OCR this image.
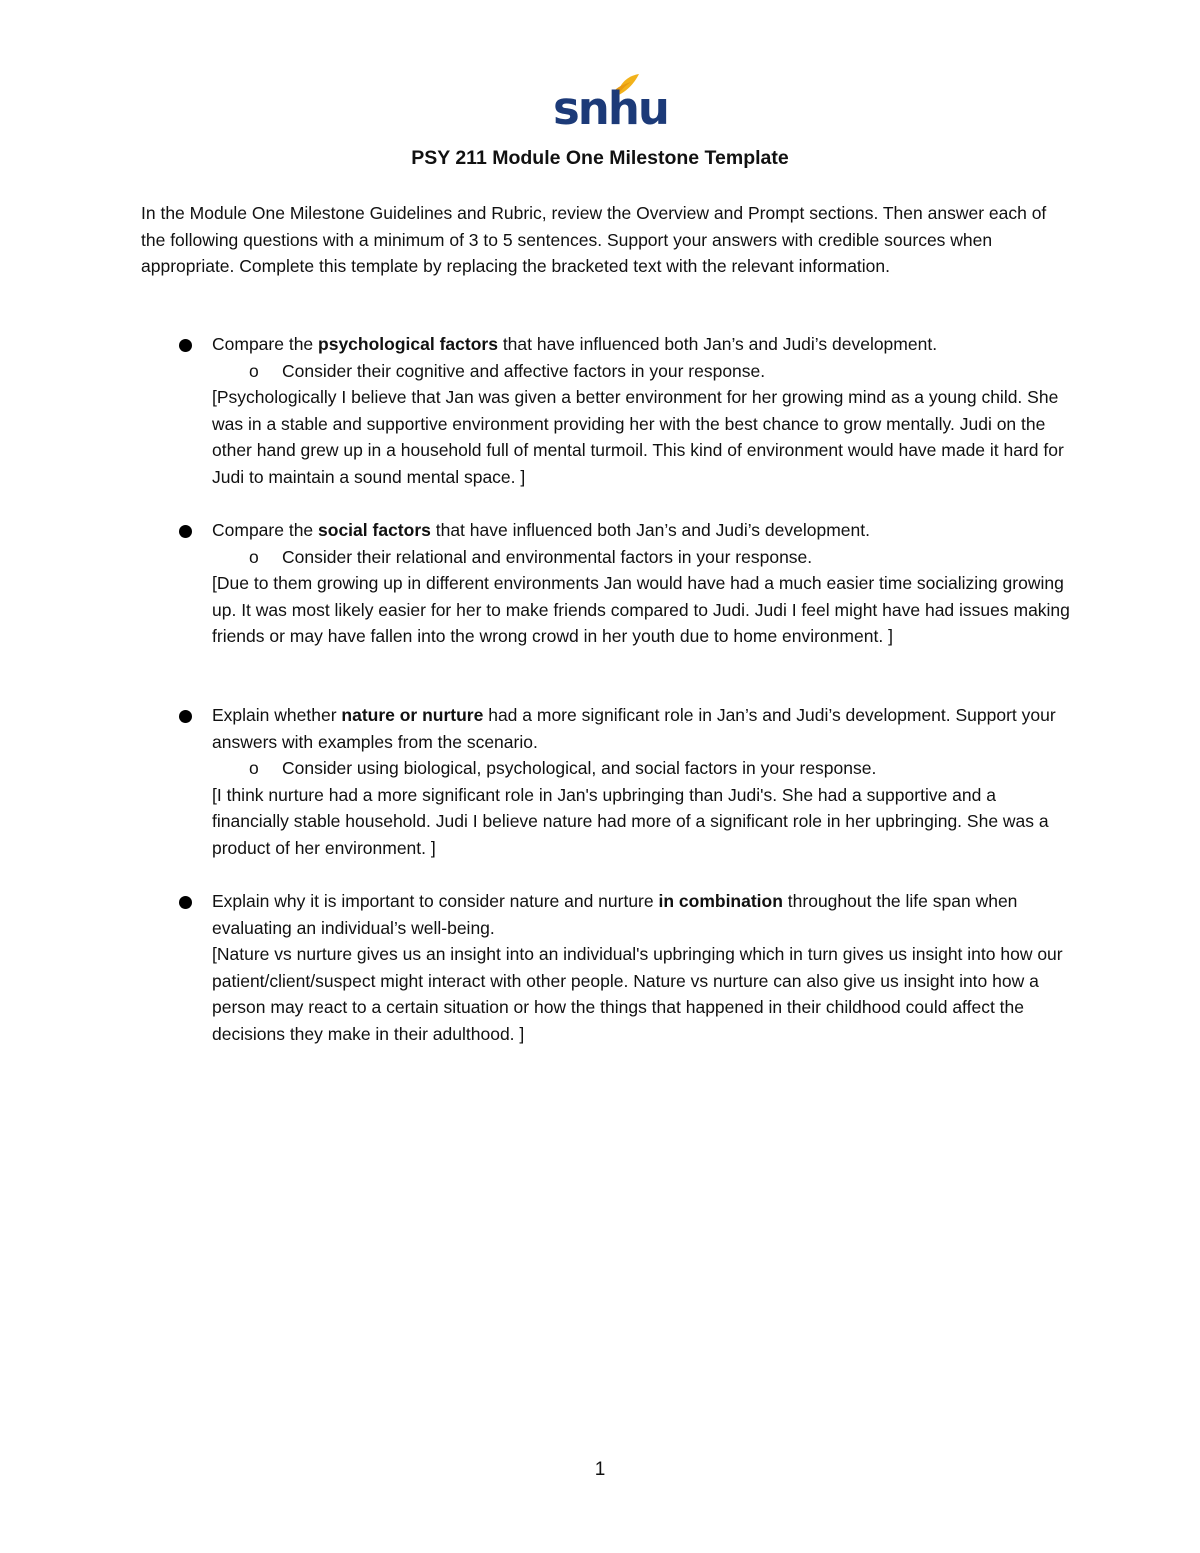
snhu
PSY 211 Module One Milestone Template

In the Module One Milestone Guidelines and Rubric, review the Overview and Prompt sections. Then answer each of the following questions with a minimum of 3 to 5 sentences. Support your answers with credible sources when appropriate. Complete this template by replacing the bracketed text with the relevant information.

Compare the psychological factors that have influenced both Jan’s and Judi’s development.
o Consider their cognitive and affective factors in your response.
[Psychologically I believe that Jan was given a better environment for her growing mind as a young child. She was in a stable and supportive environment providing her with the best chance to grow mentally. Judi on the other hand grew up in a household full of mental turmoil. This kind of environment would have made it hard for Judi to maintain a sound mental space. ]
Compare the social factors that have influenced both Jan’s and Judi’s development.
o Consider their relational and environmental factors in your response.
[Due to them growing up in different environments Jan would have had a much easier time socializing growing up. It was most likely easier for her to make friends compared to Judi. Judi I feel might have had issues making friends or may have fallen into the wrong crowd in her youth due to home environment. ]
Explain whether nature or nurture had a more significant role in Jan’s and Judi’s development. Support your answers with examples from the scenario.
o Consider using biological, psychological, and social factors in your response.
[I think nurture had a more significant role in Jan's upbringing than Judi's. She had a supportive and a financially stable household. Judi I believe nature had more of a significant role in her upbringing. She was a product of her environment. ]
Explain why it is important to consider nature and nurture in combination throughout the life span when evaluating an individual’s well-being.
[Nature vs nurture gives us an insight into an individual's upbringing which in turn gives us insight into how our patient/client/suspect might interact with other people. Nature vs nurture can also give us insight into how a person may react to a certain situation or how the things that happened in their childhood could affect the decisions they make in their adulthood. ]
1
